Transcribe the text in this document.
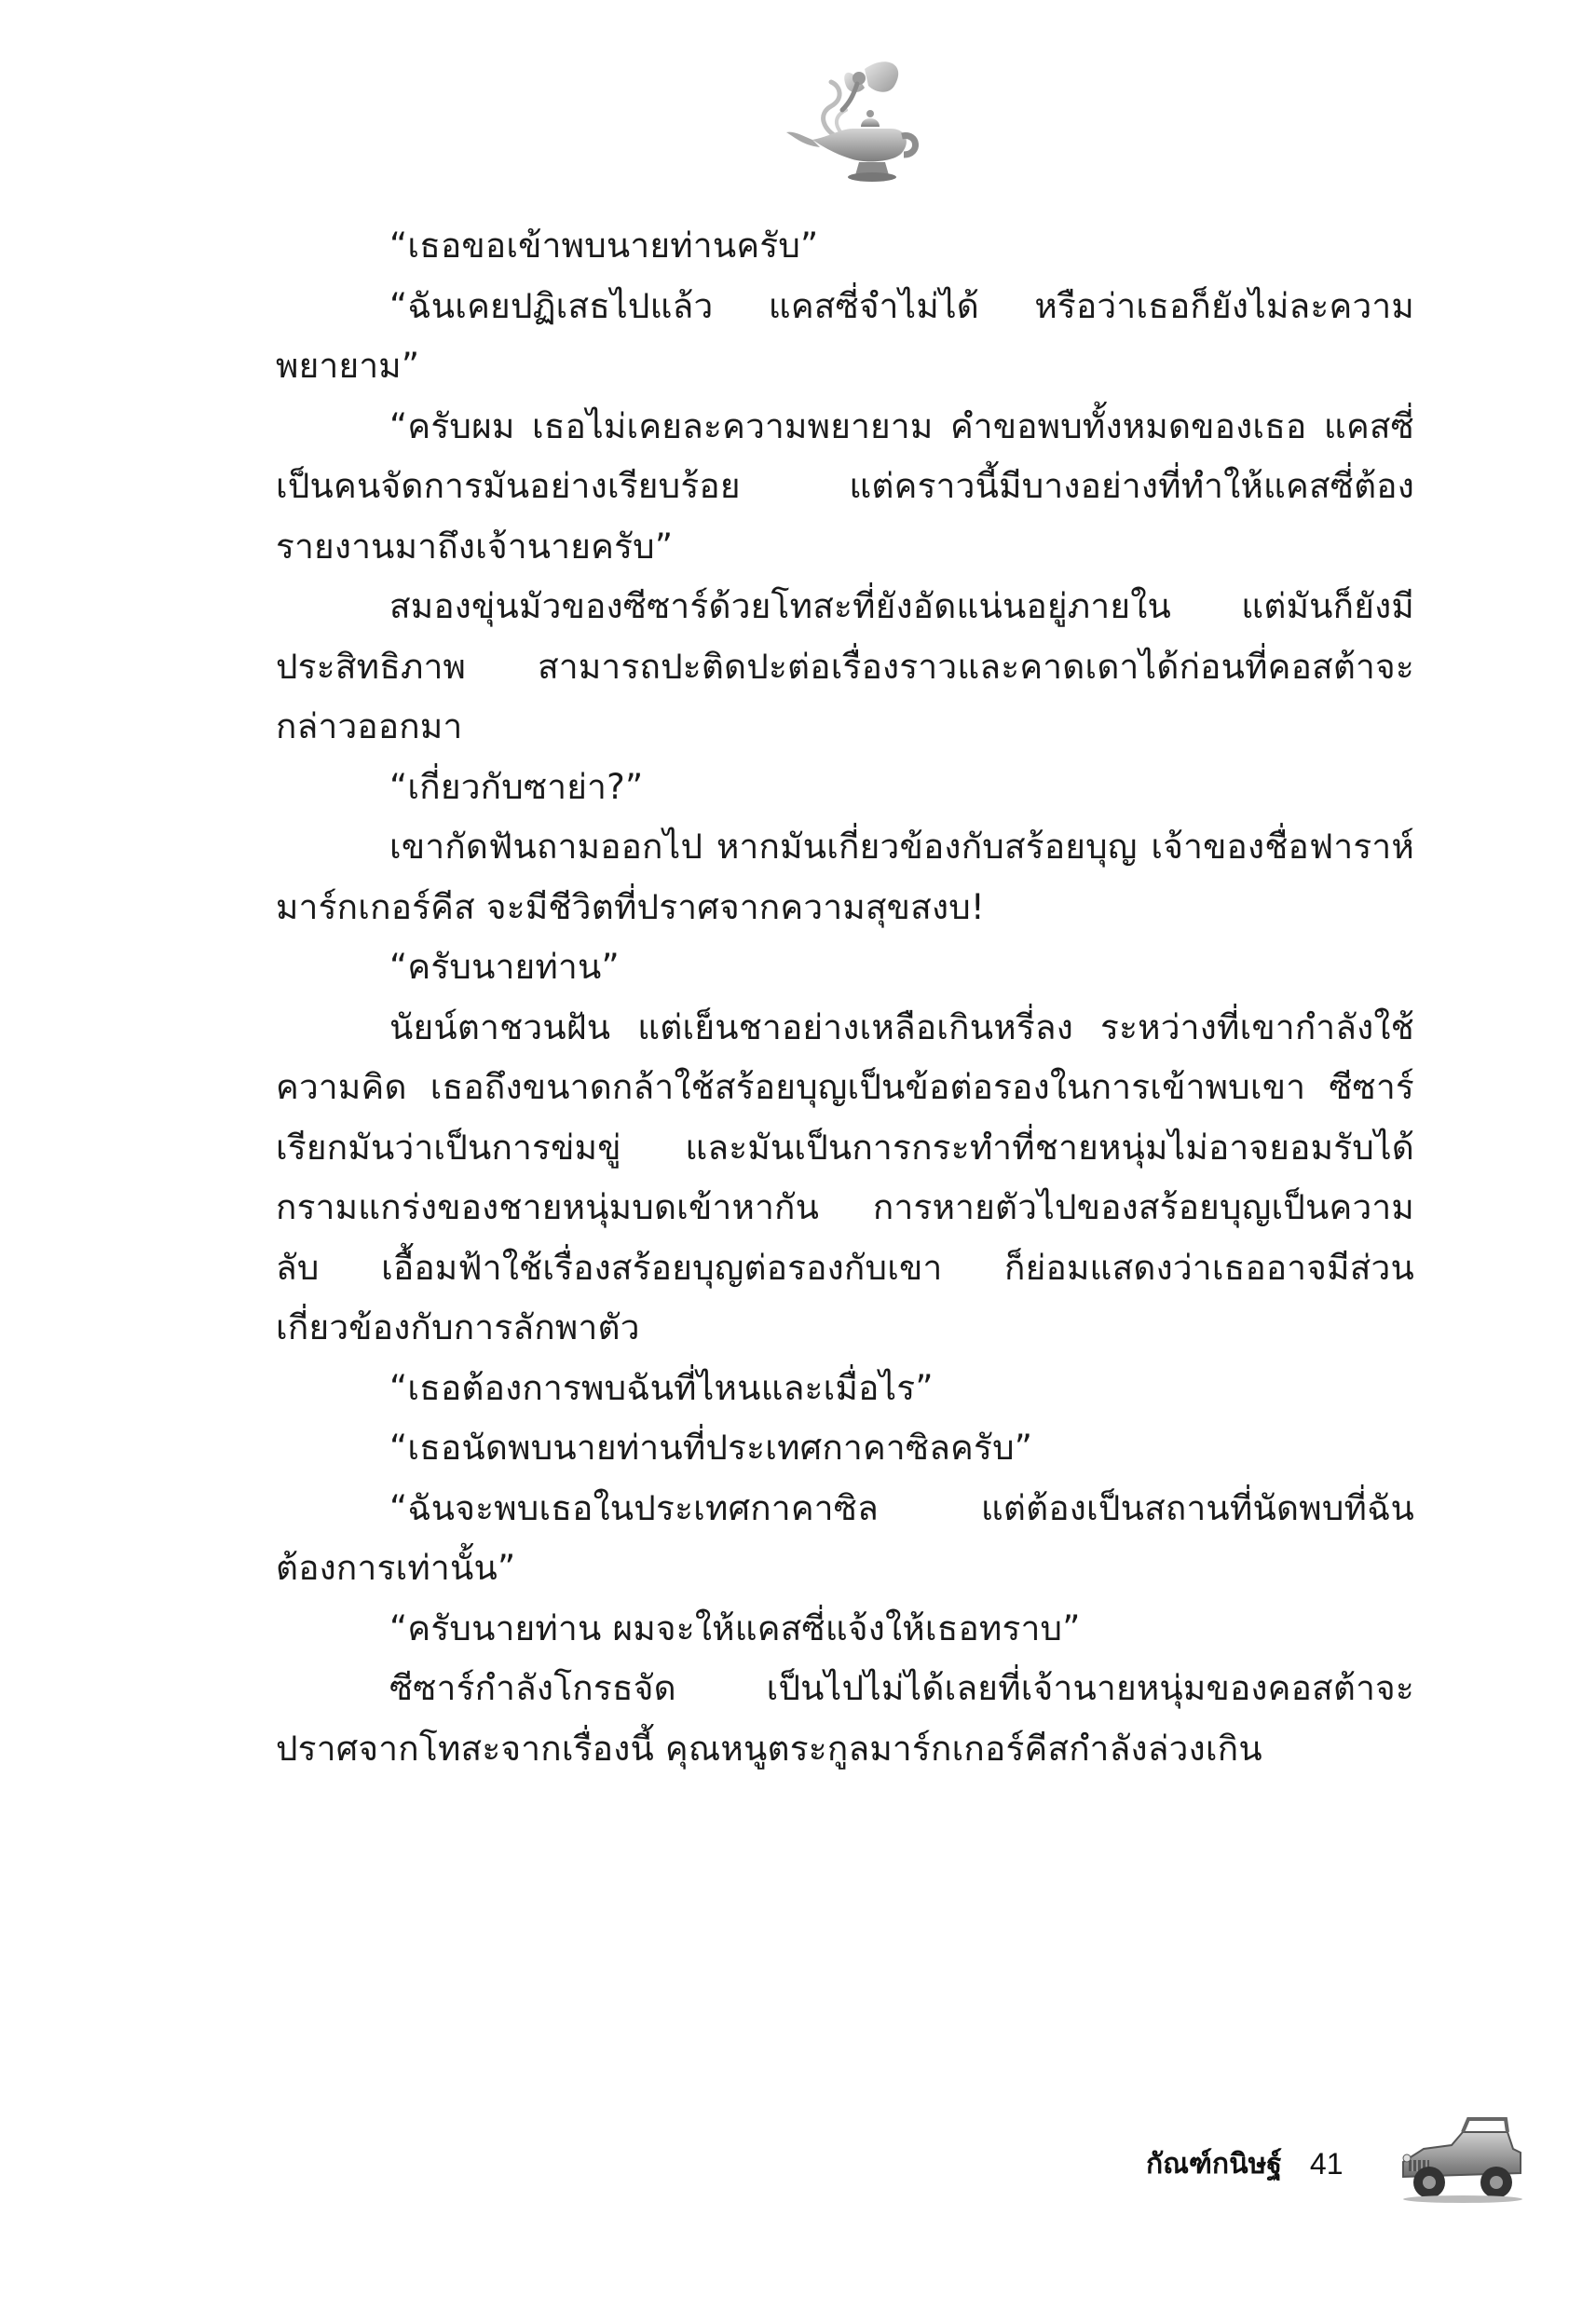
“เธอขอเข้าพบนายท่านครับ”

“ฉันเคยปฏิเสธไปแล้ว แคสซี่จำไม่ได้ หรือว่าเธอก็ยังไม่ละความพยายาม”

“ครับผม เธอไม่เคยละความพยายาม คำขอพบทั้งหมดของเธอ แคสซี่เป็นคนจัดการมันอย่างเรียบร้อย แต่คราวนี้มีบางอย่างที่ทำให้แคสซี่ต้องรายงานมาถึงเจ้านายครับ”

สมองขุ่นมัวของซีซาร์ด้วยโทสะที่ยังอัดแน่นอยู่ภายใน แต่มันก็ยังมีประสิทธิภาพ สามารถปะติดปะต่อเรื่องราวและคาดเดาได้ก่อนที่คอสต้าจะกล่าวออกมา

“เกี่ยวกับซาย่า?”

เขากัดฟันถามออกไป หากมันเกี่ยวข้องกับสร้อยบุญ เจ้าของชื่อฟาราห์ มาร์กเกอร์คีส จะมีชีวิตที่ปราศจากความสุขสงบ!

“ครับนายท่าน”

นัยน์ตาชวนฝัน แต่เย็นชาอย่างเหลือเกินหรี่ลง ระหว่างที่เขากำลังใช้ความคิด เธอถึงขนาดกล้าใช้สร้อยบุญเป็นข้อต่อรองในการเข้าพบเขา ซีซาร์เรียกมันว่าเป็นการข่มขู่ และมันเป็นการกระทำที่ชายหนุ่มไม่อาจยอมรับได้ กรามแกร่งของชายหนุ่มบดเข้าหากัน การหายตัวไปของสร้อยบุญเป็นความลับ เอื้อมฟ้าใช้เรื่องสร้อยบุญต่อรองกับเขา ก็ย่อมแสดงว่าเธออาจมีส่วนเกี่ยวข้องกับการลักพาตัว

“เธอต้องการพบฉันที่ไหนและเมื่อไร”

“เธอนัดพบนายท่านที่ประเทศกาคาซิลครับ”

“ฉันจะพบเธอในประเทศกาคาซิล แต่ต้องเป็นสถานที่นัดพบที่ฉันต้องการเท่านั้น”

“ครับนายท่าน ผมจะให้แคสซี่แจ้งให้เธอทราบ”

ซีซาร์กำลังโกรธจัด เป็นไปไม่ได้เลยที่เจ้านายหนุ่มของคอสต้าจะปราศจากโทสะจากเรื่องนี้ คุณหนูตระกูลมาร์กเกอร์คีสกำลังล่วงเกิน

กัณฑ์กนิษฐ์ 41
